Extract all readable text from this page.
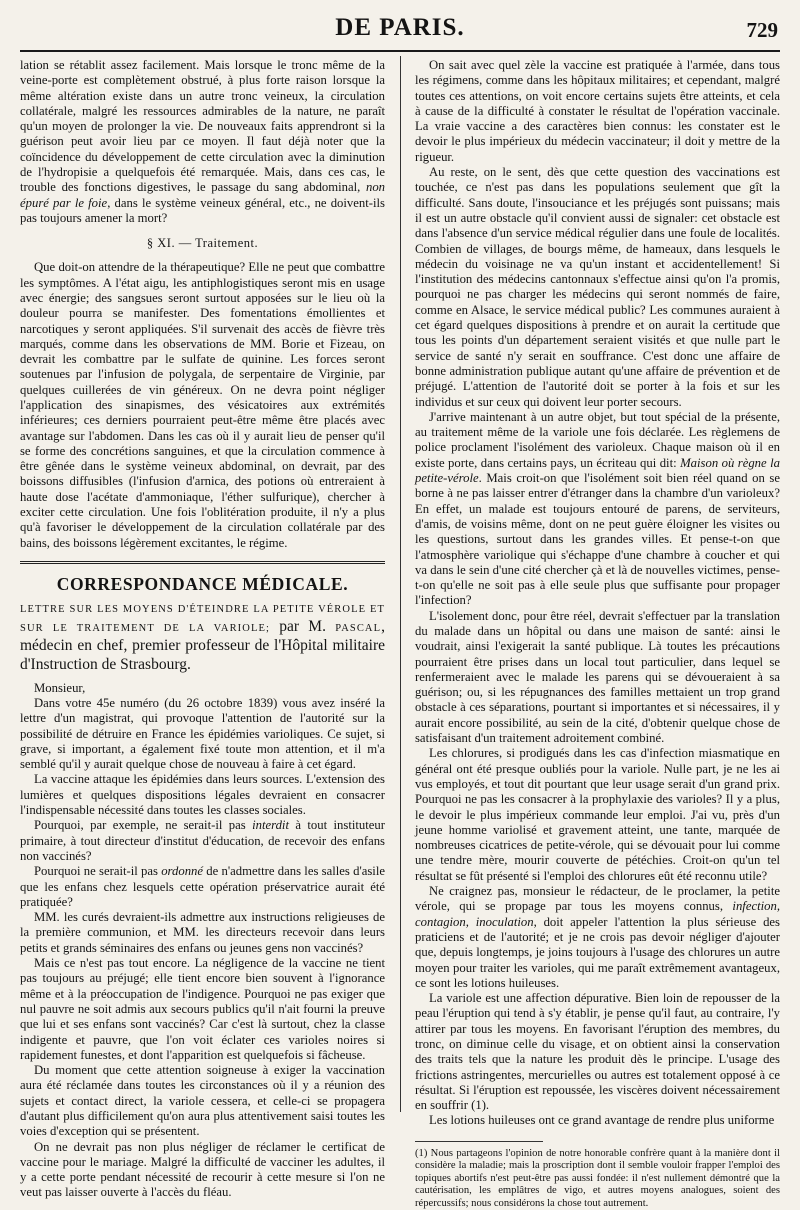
DE PARIS.	729

lation se rétablit assez facilement. Mais lorsque le tronc même de la veine-porte est complètement obstrué, à plus forte raison lorsque la même altération existe dans un autre tronc veineux, la circulation collatérale, malgré les ressources admirables de la nature, ne paraît qu'un moyen de prolonger la vie. De nouveaux faits apprendront si la guérison peut avoir lieu par ce moyen. Il faut déjà noter que la coïncidence du développement de cette circulation avec la diminution de l'hydropisie a quelquefois été remarquée. Mais, dans ces cas, le trouble des fonctions digestives, le passage du sang abdominal, non épuré par le foie, dans le système veineux général, etc., ne doivent-ils pas toujours amener la mort?

§ XI. — Traitement.

Que doit-on attendre de la thérapeutique? Elle ne peut que combattre les symptômes. A l'état aigu, les antiphlogistiques seront mis en usage avec énergie; des sangsues seront surtout apposées sur le lieu où la douleur pourra se manifester. Des fomentations émollientes et narcotiques y seront appliquées. S'il survenait des accès de fièvre très marqués, comme dans les observations de MM. Borie et Fizeau, on devrait les combattre par le sulfate de quinine. Les forces seront soutenues par l'infusion de polygala, de serpentaire de Virginie, par quelques cuillerées de vin généreux. On ne devra point négliger l'application des sinapismes, des vésicatoires aux extrémités inférieures; ces derniers pourraient peut-être même être placés avec avantage sur l'abdomen. Dans les cas où il y aurait lieu de penser qu'il se forme des concrétions sanguines, et que la circulation commence à être gênée dans le système veineux abdominal, on devrait, par des boissons diffusibles (l'infusion d'arnica, des potions où entreraient à haute dose l'acétate d'ammoniaque, l'éther sulfurique), chercher à exciter cette circulation. Une fois l'oblitération produite, il n'y a plus qu'à favoriser le développement de la circulation collatérale par des bains, des boissons légèrement excitantes, le régime.

CORRESPONDANCE MÉDICALE.
LETTRE SUR LES MOYENS D'ÉTEINDRE LA PETITE VÉROLE ET SUR LE TRAITEMENT DE LA VARIOLE; par M. PASCAL, médecin en chef, premier professeur de l'Hôpital militaire d'Instruction de Strasbourg.

Monsieur,

Dans votre 45e numéro (du 26 octobre 1839) vous avez inséré la lettre d'un magistrat, qui provoque l'attention de l'autorité sur la possibilité de détruire en France les épidémies varioliques. Ce sujet, si grave, si important, a également fixé toute mon attention, et il m'a semblé qu'il y aurait quelque chose de nouveau à faire à cet égard.

La vaccine attaque les épidémies dans leurs sources. L'extension des lumières et quelques dispositions légales devraient en consacrer l'indispensable nécessité dans toutes les classes sociales.

Pourquoi, par exemple, ne serait-il pas interdit à tout instituteur primaire, à tout directeur d'institut d'éducation, de recevoir des enfans non vaccinés?

Pourquoi ne serait-il pas ordonné de n'admettre dans les salles d'asile que les enfans chez lesquels cette opération préservatrice aurait été pratiquée?

MM. les curés devraient-ils admettre aux instructions religieuses de la première communion, et MM. les directeurs recevoir dans leurs petits et grands séminaires des enfans ou jeunes gens non vaccinés?

Mais ce n'est pas tout encore. La négligence de la vaccine ne tient pas toujours au préjugé; elle tient encore bien souvent à l'ignorance même et à la préoccupation de l'indigence. Pourquoi ne pas exiger que nul pauvre ne soit admis aux secours publics qu'il n'ait fourni la preuve que lui et ses enfans sont vaccinés? Car c'est là surtout, chez la classe indigente et pauvre, que l'on voit éclater ces varioles noires si rapidement funestes, et dont l'apparition est quelquefois si fâcheuse.

Du moment que cette attention soigneuse à exiger la vaccination aura été réclamée dans toutes les circonstances où il y a réunion des sujets et contact direct, la variole cessera, et celle-ci se propagera d'autant plus difficilement qu'on aura plus attentivement saisi toutes les voies d'exception qui se présentent.

On ne devrait pas non plus négliger de réclamer le certificat de vaccine pour le mariage. Malgré la difficulté de vacciner les adultes, il y a cette porte pendant nécessité de recourir à cette mesure si l'on ne veut pas laisser ouverte à l'accès du fléau.

On sait avec quel zèle la vaccine est pratiquée à l'armée, dans tous les régimens, comme dans les hôpitaux militaires; et cependant, malgré toutes ces attentions, on voit encore certains sujets être atteints, et cela à cause de la difficulté à constater le résultat de l'opération vaccinale. La vraie vaccine a des caractères bien connus: les constater est le devoir le plus impérieux du médecin vaccinateur; il doit y mettre de la rigueur.

Au reste, on le sent, dès que cette question des vaccinations est touchée, ce n'est pas dans les populations seulement que gît la difficulté. Sans doute, l'insouciance et les préjugés sont puissans; mais il est un autre obstacle qu'il convient aussi de signaler: cet obstacle est dans l'absence d'un service médical régulier dans une foule de localités. Combien de villages, de bourgs même, de hameaux, dans lesquels le médecin du voisinage ne va qu'un instant et accidentellement! Si l'institution des médecins cantonnaux s'effectue ainsi qu'on l'a promis, pourquoi ne pas charger les médecins qui seront nommés de faire, comme en Alsace, le service médical public? Les communes auraient à cet égard quelques dispositions à prendre et on aurait la certitude que tous les points d'un département seraient visités et que nulle part le service de santé n'y serait en souffrance. C'est donc une affaire de bonne administration publique autant qu'une affaire de prévention et de préjugé. L'attention de l'autorité doit se porter à la fois et sur les individus et sur ceux qui doivent leur porter secours.

J'arrive maintenant à un autre objet, but tout spécial de la présente, au traitement même de la variole une fois déclarée. Les règlemens de police proclament l'isolément des varioleux. Chaque maison où il en existe porte, dans certains pays, un écriteau qui dit: Maison où règne la petite-vérole. Mais croit-on que l'isolément soit bien réel quand on se borne à ne pas laisser entrer d'étranger dans la chambre d'un varioleux? En effet, un malade est toujours entouré de parens, de serviteurs, d'amis, de voisins même, dont on ne peut guère éloigner les visites ou les questions, surtout dans les grandes villes. Et pense-t-on que l'atmosphère variolique qui s'échappe d'une chambre à coucher et qui va dans le sein d'une cité chercher çà et là de nouvelles victimes, pense-t-on qu'elle ne soit pas à elle seule plus que suffisante pour propager l'infection?

L'isolement donc, pour être réel, devrait s'effectuer par la translation du malade dans un hôpital ou dans une maison de santé: ainsi le voudrait, ainsi l'exigerait la santé publique. Là toutes les précautions pourraient être prises dans un local tout particulier, dans lequel se renfermeraient avec le malade les parens qui se dévoueraient à sa guérison; ou, si les répugnances des familles mettaient un trop grand obstacle à ces séparations, pourtant si importantes et si nécessaires, il y aurait encore possibilité, au sein de la cité, d'obtenir quelque chose de satisfaisant d'un traitement adroitement combiné.

Les chlorures, si prodigués dans les cas d'infection miasmatique en général ont été presque oubliés pour la variole. Nulle part, je ne les ai vus employés, et tout dit pourtant que leur usage serait d'un grand prix. Pourquoi ne pas les consacrer à la prophylaxie des varioles? Il y a plus, le devoir le plus impérieux commande leur emploi. J'ai vu, près d'un jeune homme variolisé et gravement atteint, une tante, marquée de nombreuses cicatrices de petite-vérole, qui se dévouait pour lui comme une tendre mère, mourir couverte de pétéchies. Croit-on qu'un tel résultat se fût présenté si l'emploi des chlorures eût été reconnu utile?

Ne craignez pas, monsieur le rédacteur, de le proclamer, la petite vérole, qui se propage par tous les moyens connus, infection, contagion, inoculation, doit appeler l'attention la plus sérieuse des praticiens et de l'autorité; et je ne crois pas devoir négliger d'ajouter que, depuis longtemps, je joins toujours à l'usage des chlorures un autre moyen pour traiter les varioles, qui me paraît extrêmement avantageux, ce sont les lotions huileuses.

La variole est une affection dépurative. Bien loin de repousser de la peau l'éruption qui tend à s'y établir, je pense qu'il faut, au contraire, l'y attirer par tous les moyens. En favorisant l'éruption des membres, du tronc, on diminue celle du visage, et on obtient ainsi la conservation des traits tels que la nature les produit dès le principe. L'usage des frictions astringentes, mercurielles ou autres est totalement opposé à ce résultat. Si l'éruption est repoussée, les viscères doivent nécessairement en souffrir (1).

Les lotions huileuses ont ce grand avantage de rendre plus uniforme

(1) Nous partageons l'opinion de notre honorable confrère quant à la manière dont il considère la maladie; mais la proscription dont il semble vouloir frapper l'emploi des topiques abortifs n'est peut-être pas aussi fondée: il n'est nullement démontré que la cautérisation, les emplâtres de vigo, et autres moyens analogues, soient des répercussifs; nous considérons la chose tout autrement.
